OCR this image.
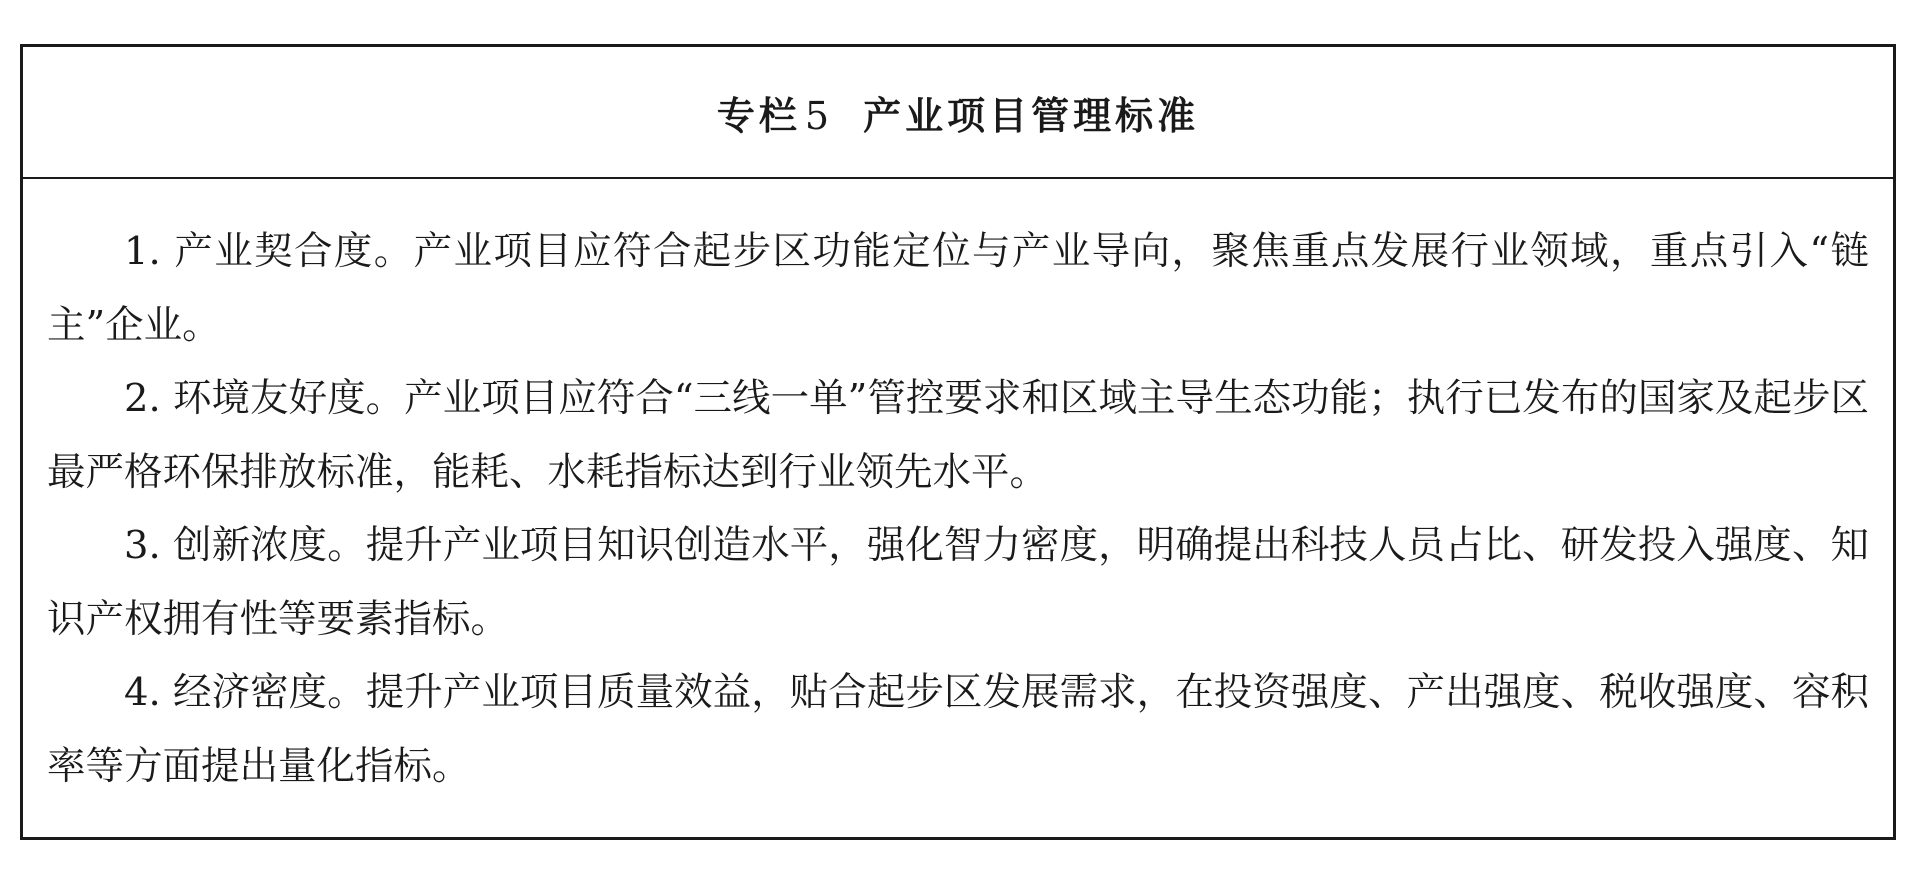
专栏 5 产业项目管理标准

1. 产业契合度。产业项目应符合起步区功能定位与产业导向，聚焦重点发展行业领域，重点引入“链主”企业。

2. 环境友好度。产业项目应符合“三线一单”管控要求和区域主导生态功能；执行已发布的国家及起步区最严格环保排放标准，能耗、水耗指标达到行业领先水平。

3. 创新浓度。提升产业项目知识创造水平，强化智力密度，明确提出科技人员占比、研发投入强度、知识产权拥有性等要素指标。

4. 经济密度。提升产业项目质量效益，贴合起步区发展需求，在投资强度、产出强度、税收强度、容积率等方面提出量化指标。
